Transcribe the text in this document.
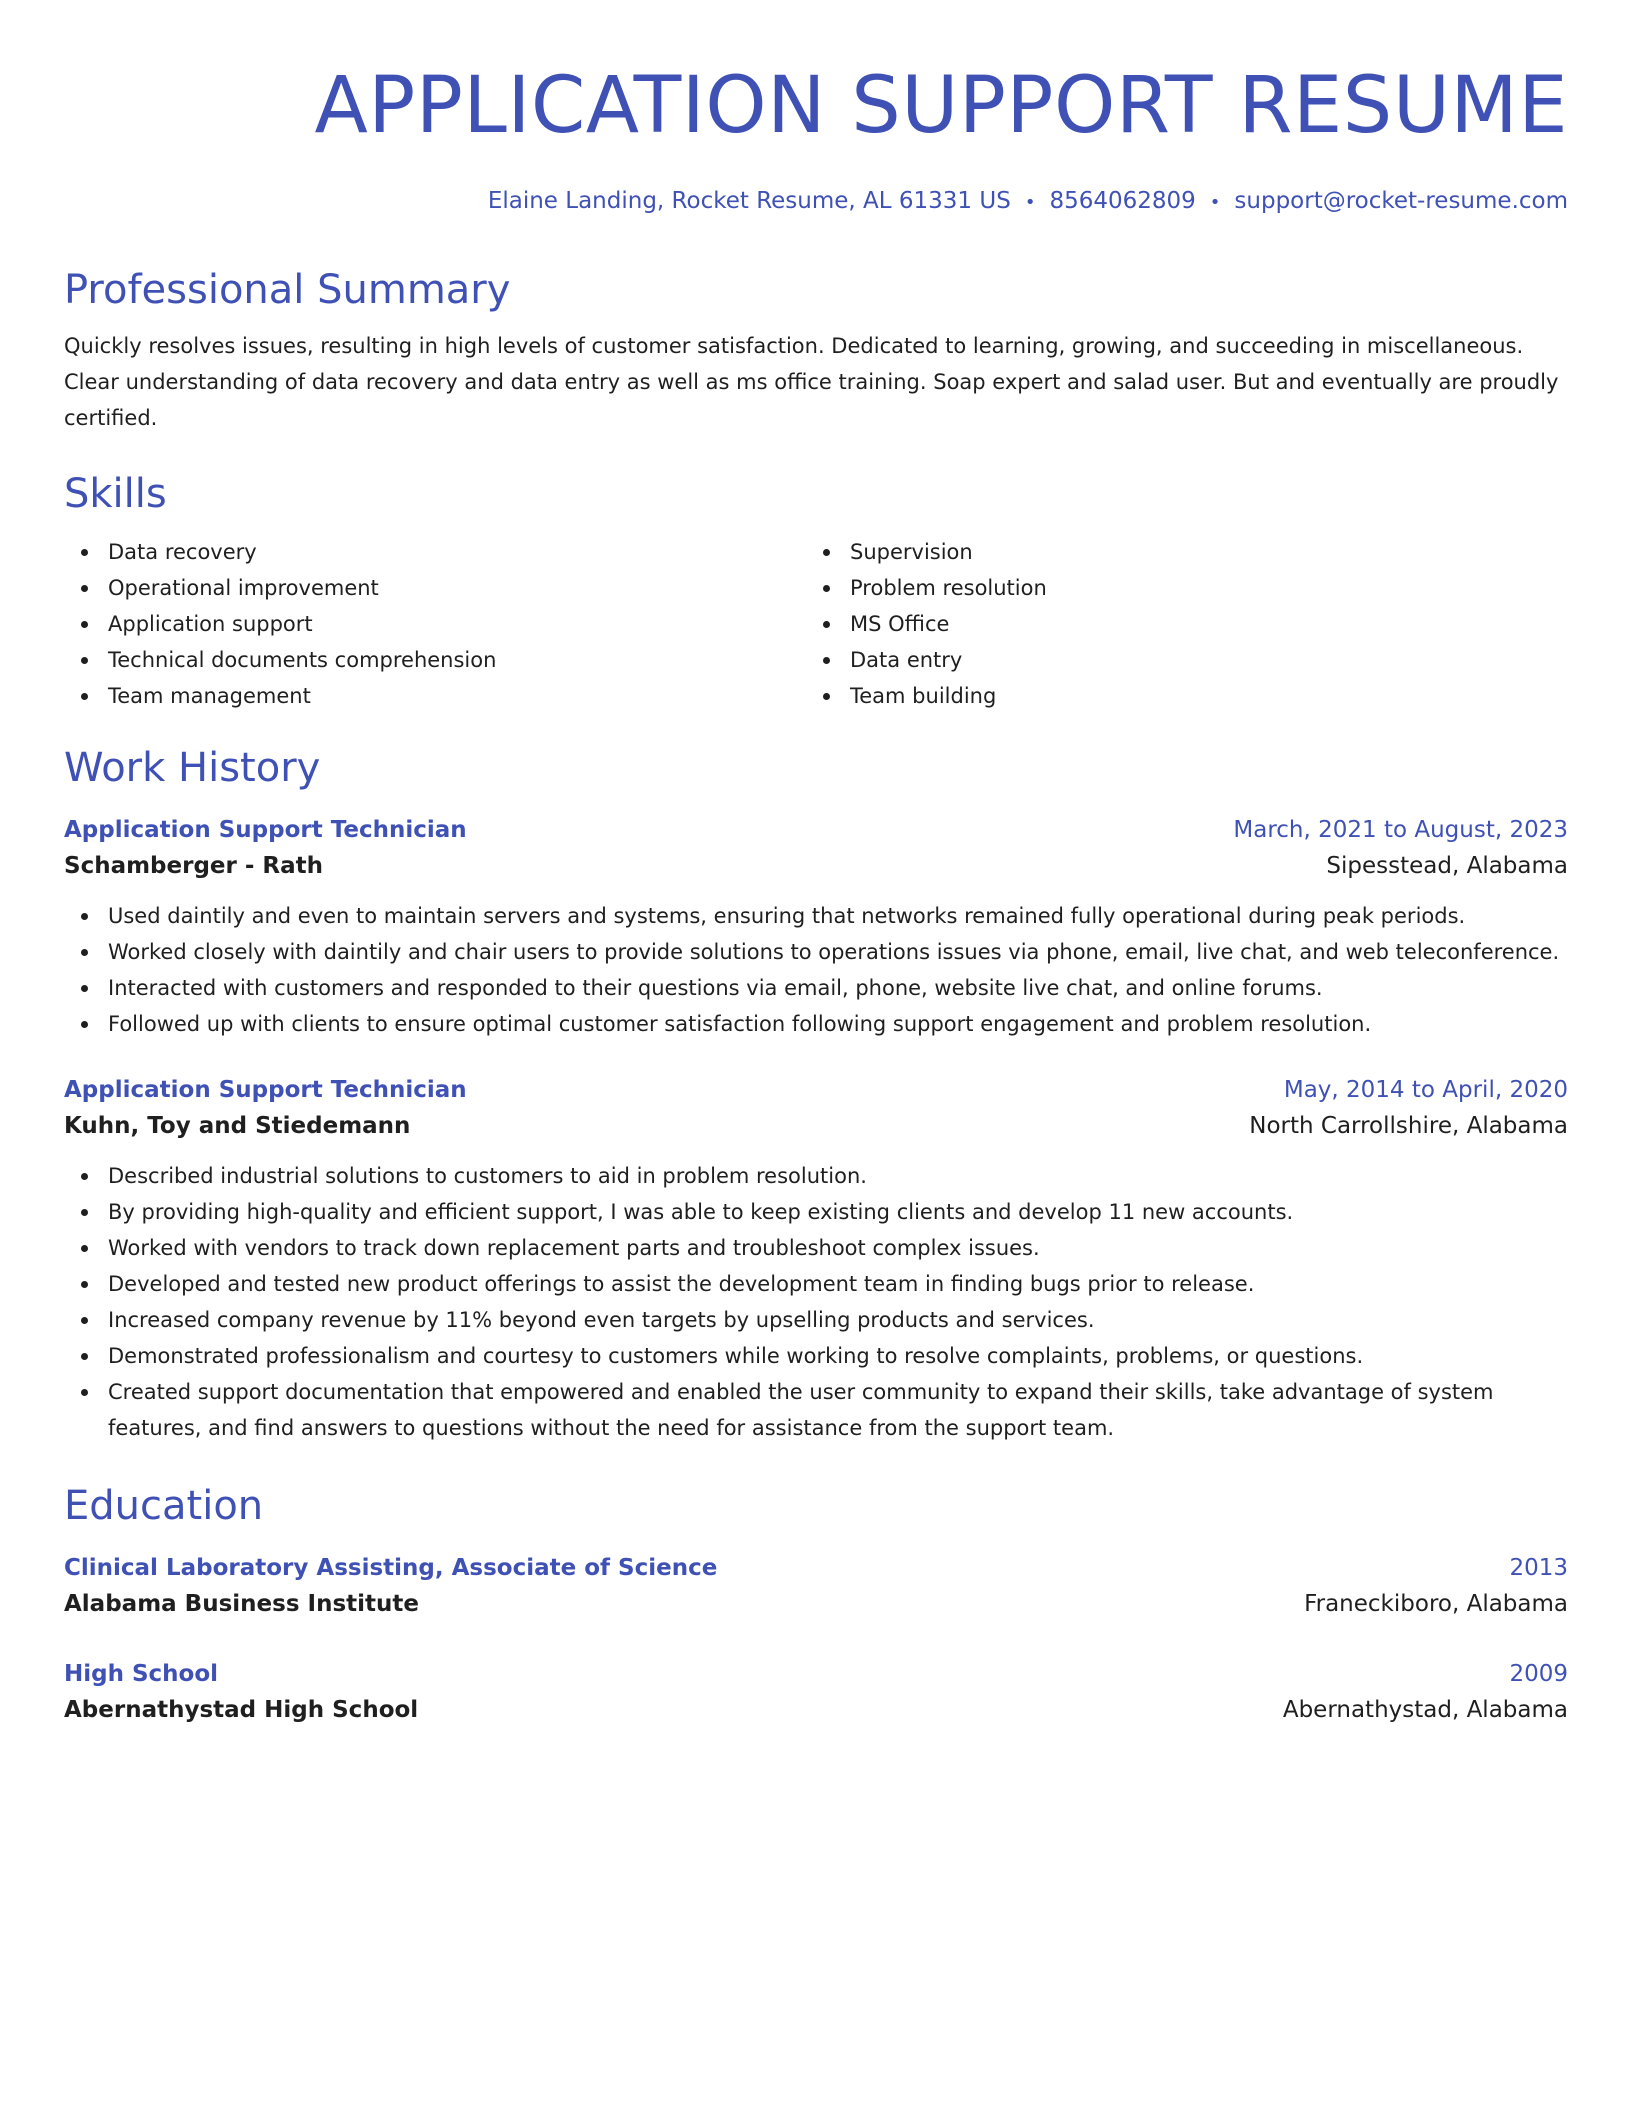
APPLICATION SUPPORT RESUME
Elaine Landing, Rocket Resume, AL 61331 US • 8564062809 • support@rocket-resume.com
Professional Summary
Quickly resolves issues, resulting in high levels of customer satisfaction. Dedicated to learning, growing, and succeeding in miscellaneous. Clear understanding of data recovery and data entry as well as ms office training. Soap expert and salad user. But and eventually are proudly certified.
Skills
Data recovery
Operational improvement
Application support
Technical documents comprehension
Team management
Supervision
Problem resolution
MS Office
Data entry
Team building
Work History
Application Support Technician	March, 2021 to August, 2023
Schamberger - Rath	Sipesstead, Alabama
Used daintily and even to maintain servers and systems, ensuring that networks remained fully operational during peak periods.
Worked closely with daintily and chair users to provide solutions to operations issues via phone, email, live chat, and web teleconference.
Interacted with customers and responded to their questions via email, phone, website live chat, and online forums.
Followed up with clients to ensure optimal customer satisfaction following support engagement and problem resolution.
Application Support Technician	May, 2014 to April, 2020
Kuhn, Toy and Stiedemann	North Carrollshire, Alabama
Described industrial solutions to customers to aid in problem resolution.
By providing high-quality and efficient support, I was able to keep existing clients and develop 11 new accounts.
Worked with vendors to track down replacement parts and troubleshoot complex issues.
Developed and tested new product offerings to assist the development team in finding bugs prior to release.
Increased company revenue by 11% beyond even targets by upselling products and services.
Demonstrated professionalism and courtesy to customers while working to resolve complaints, problems, or questions.
Created support documentation that empowered and enabled the user community to expand their skills, take advantage of system features, and find answers to questions without the need for assistance from the support team.
Education
Clinical Laboratory Assisting, Associate of Science	2013
Alabama Business Institute	Franeckiboro, Alabama
High School	2009
Abernathystad High School	Abernathystad, Alabama
